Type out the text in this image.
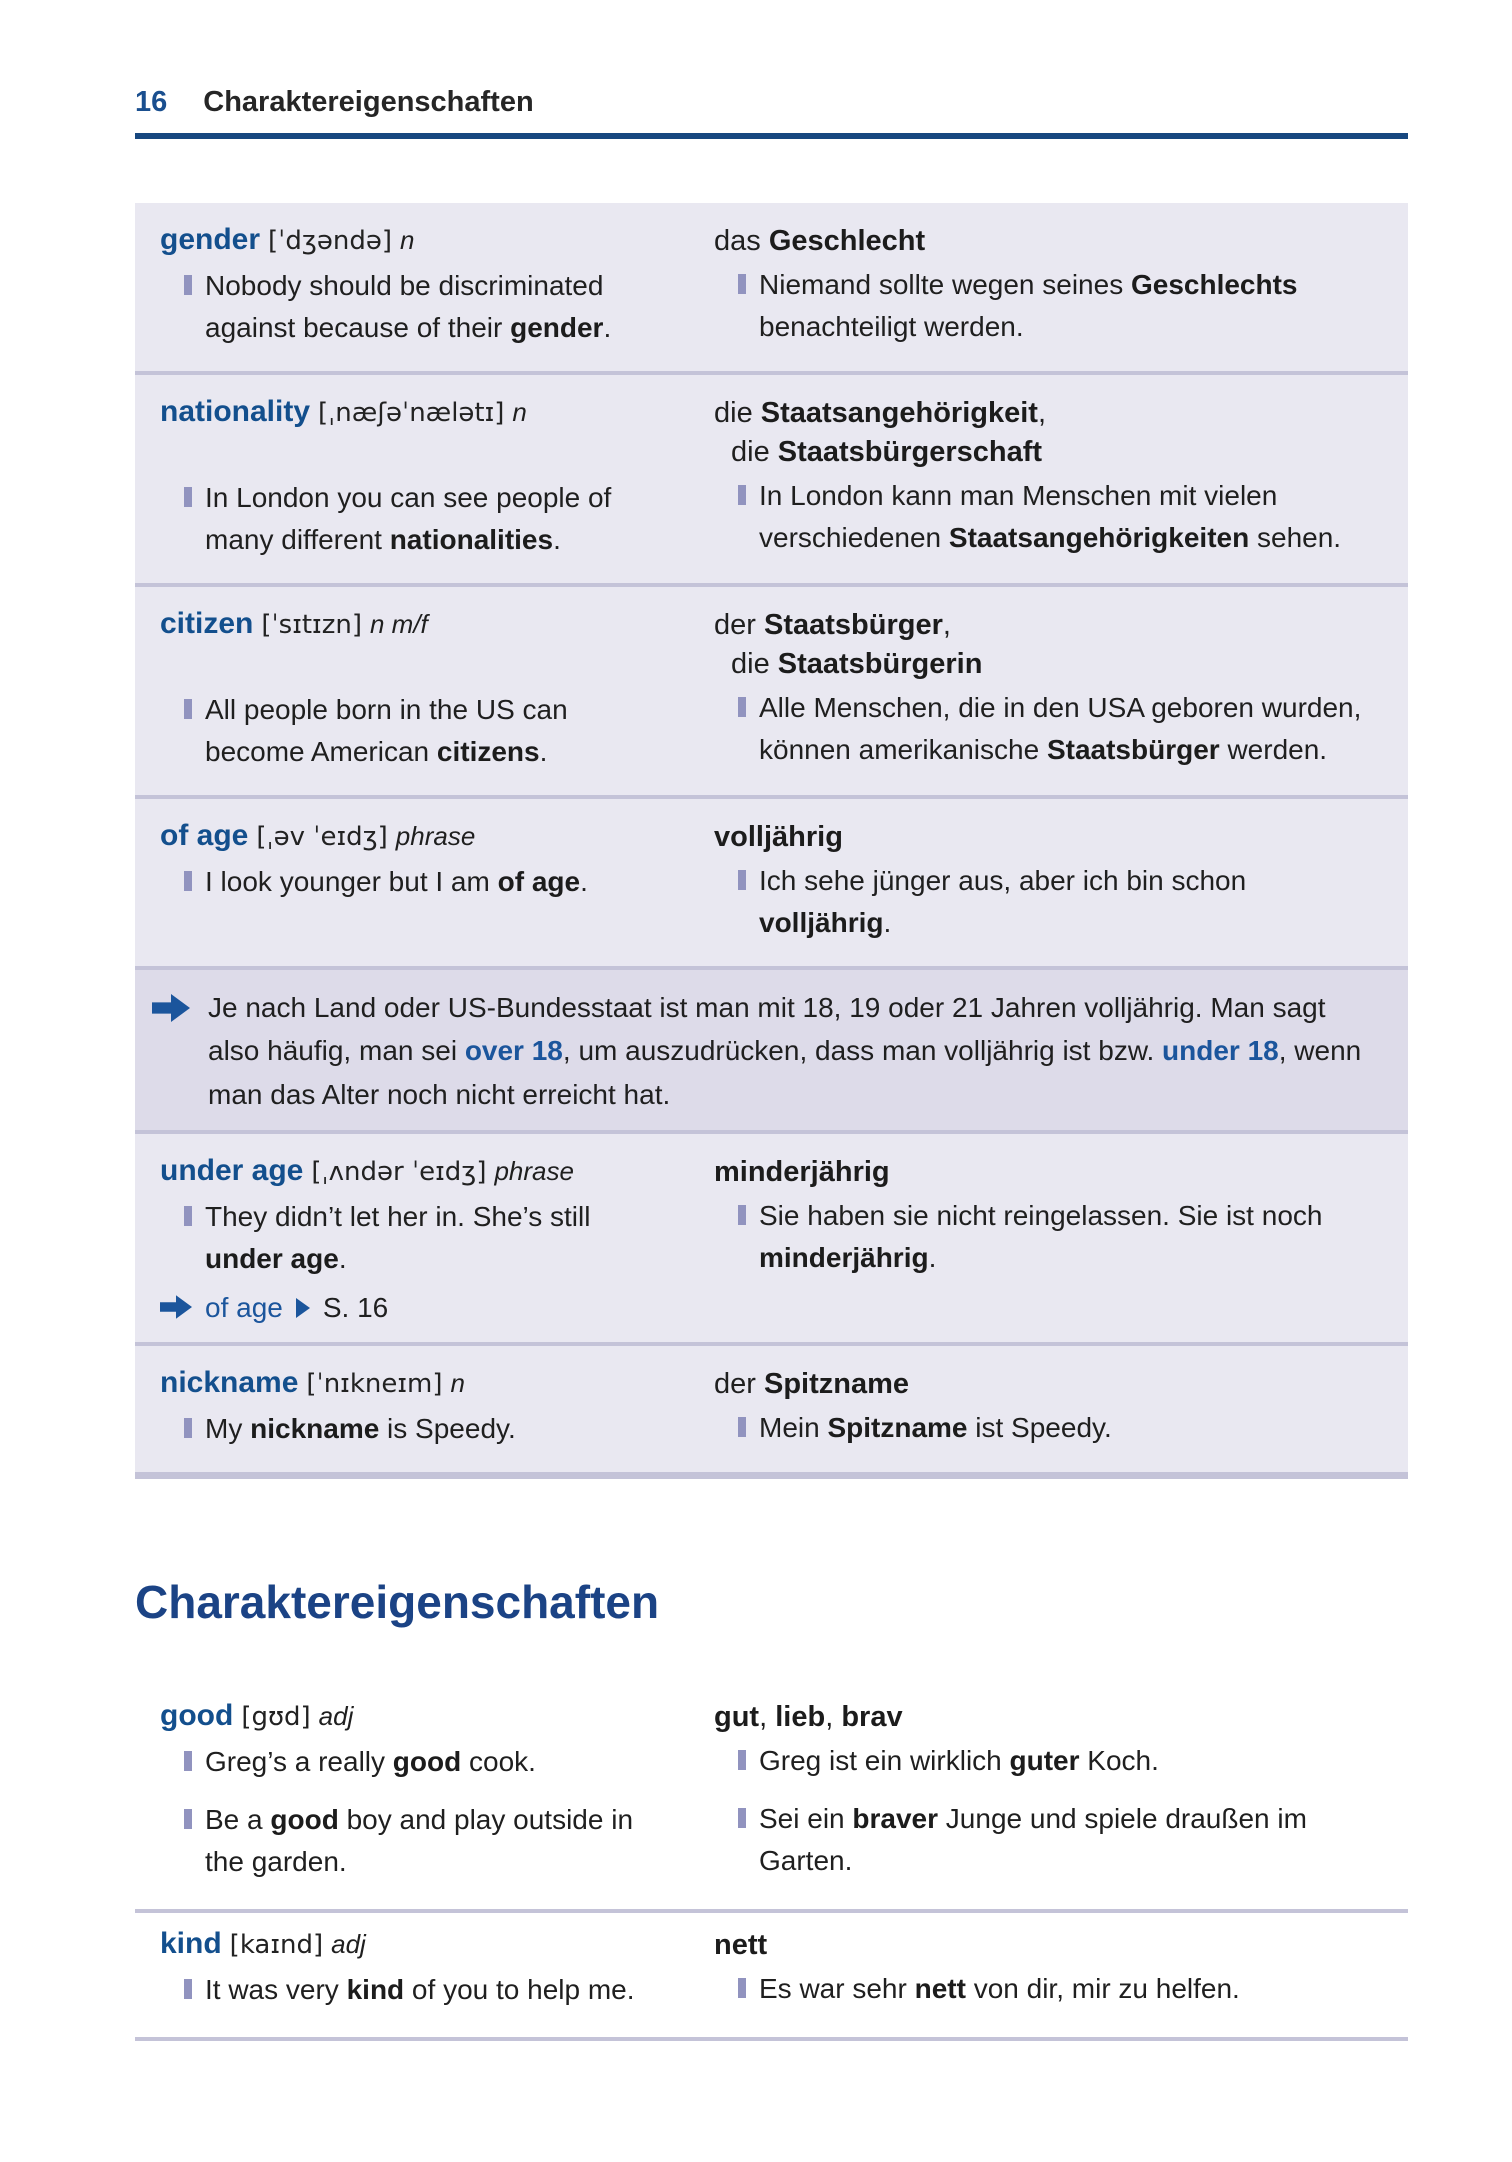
16 Charaktereigenschaften

gender [ˈdʒəndə] n

Nobody should be discriminated against because of their gender.

das Geschlecht

Niemand sollte wegen seines Geschlechts benachteiligt werden.

nationality [ˌnæʃəˈnælətɪ] n

In London you can see people of many different nationalities.

die Staatsangehörigkeit,

die Staatsbürgerschaft

In London kann man Menschen mit vielen verschiedenen Staatsangehörigkeiten sehen.

citizen [ˈsɪtɪzn] n m/f

All people born in the US can become American citizens.

der Staatsbürger,

die Staatsbürgerin

Alle Menschen, die in den USA geboren wurden, können amerikanische Staatsbürger werden.

of age [ˌəv ˈeɪdʒ] phrase

I look younger but I am of age.

volljährig

Ich sehe jünger aus, aber ich bin schon volljährig.

Je nach Land oder US-Bundesstaat ist man mit 18, 19 oder 21 Jahren volljährig. Man sagt also häufig, man sei over 18, um auszudrücken, dass man volljährig ist bzw. under 18, wenn man das Alter noch nicht erreicht hat.

under age [ˌʌndər ˈeɪdʒ] phrase

They didn’t let her in. She’s still under age.

of age S. 16

minderjährig

Sie haben sie nicht reingelassen. Sie ist noch minderjährig.

nickname [ˈnɪkneɪm] n

My nickname is Speedy.

der Spitzname

Mein Spitzname ist Speedy.

Charaktereigenschaften

good [gʊd] adj

Greg’s a really good cook.

Be a good boy and play outside in the garden.

gut, lieb, brav

Greg ist ein wirklich guter Koch.

Sei ein braver Junge und spiele draußen im Garten.

kind [kaɪnd] adj

It was very kind of you to help me.

nett

Es war sehr nett von dir, mir zu helfen.
